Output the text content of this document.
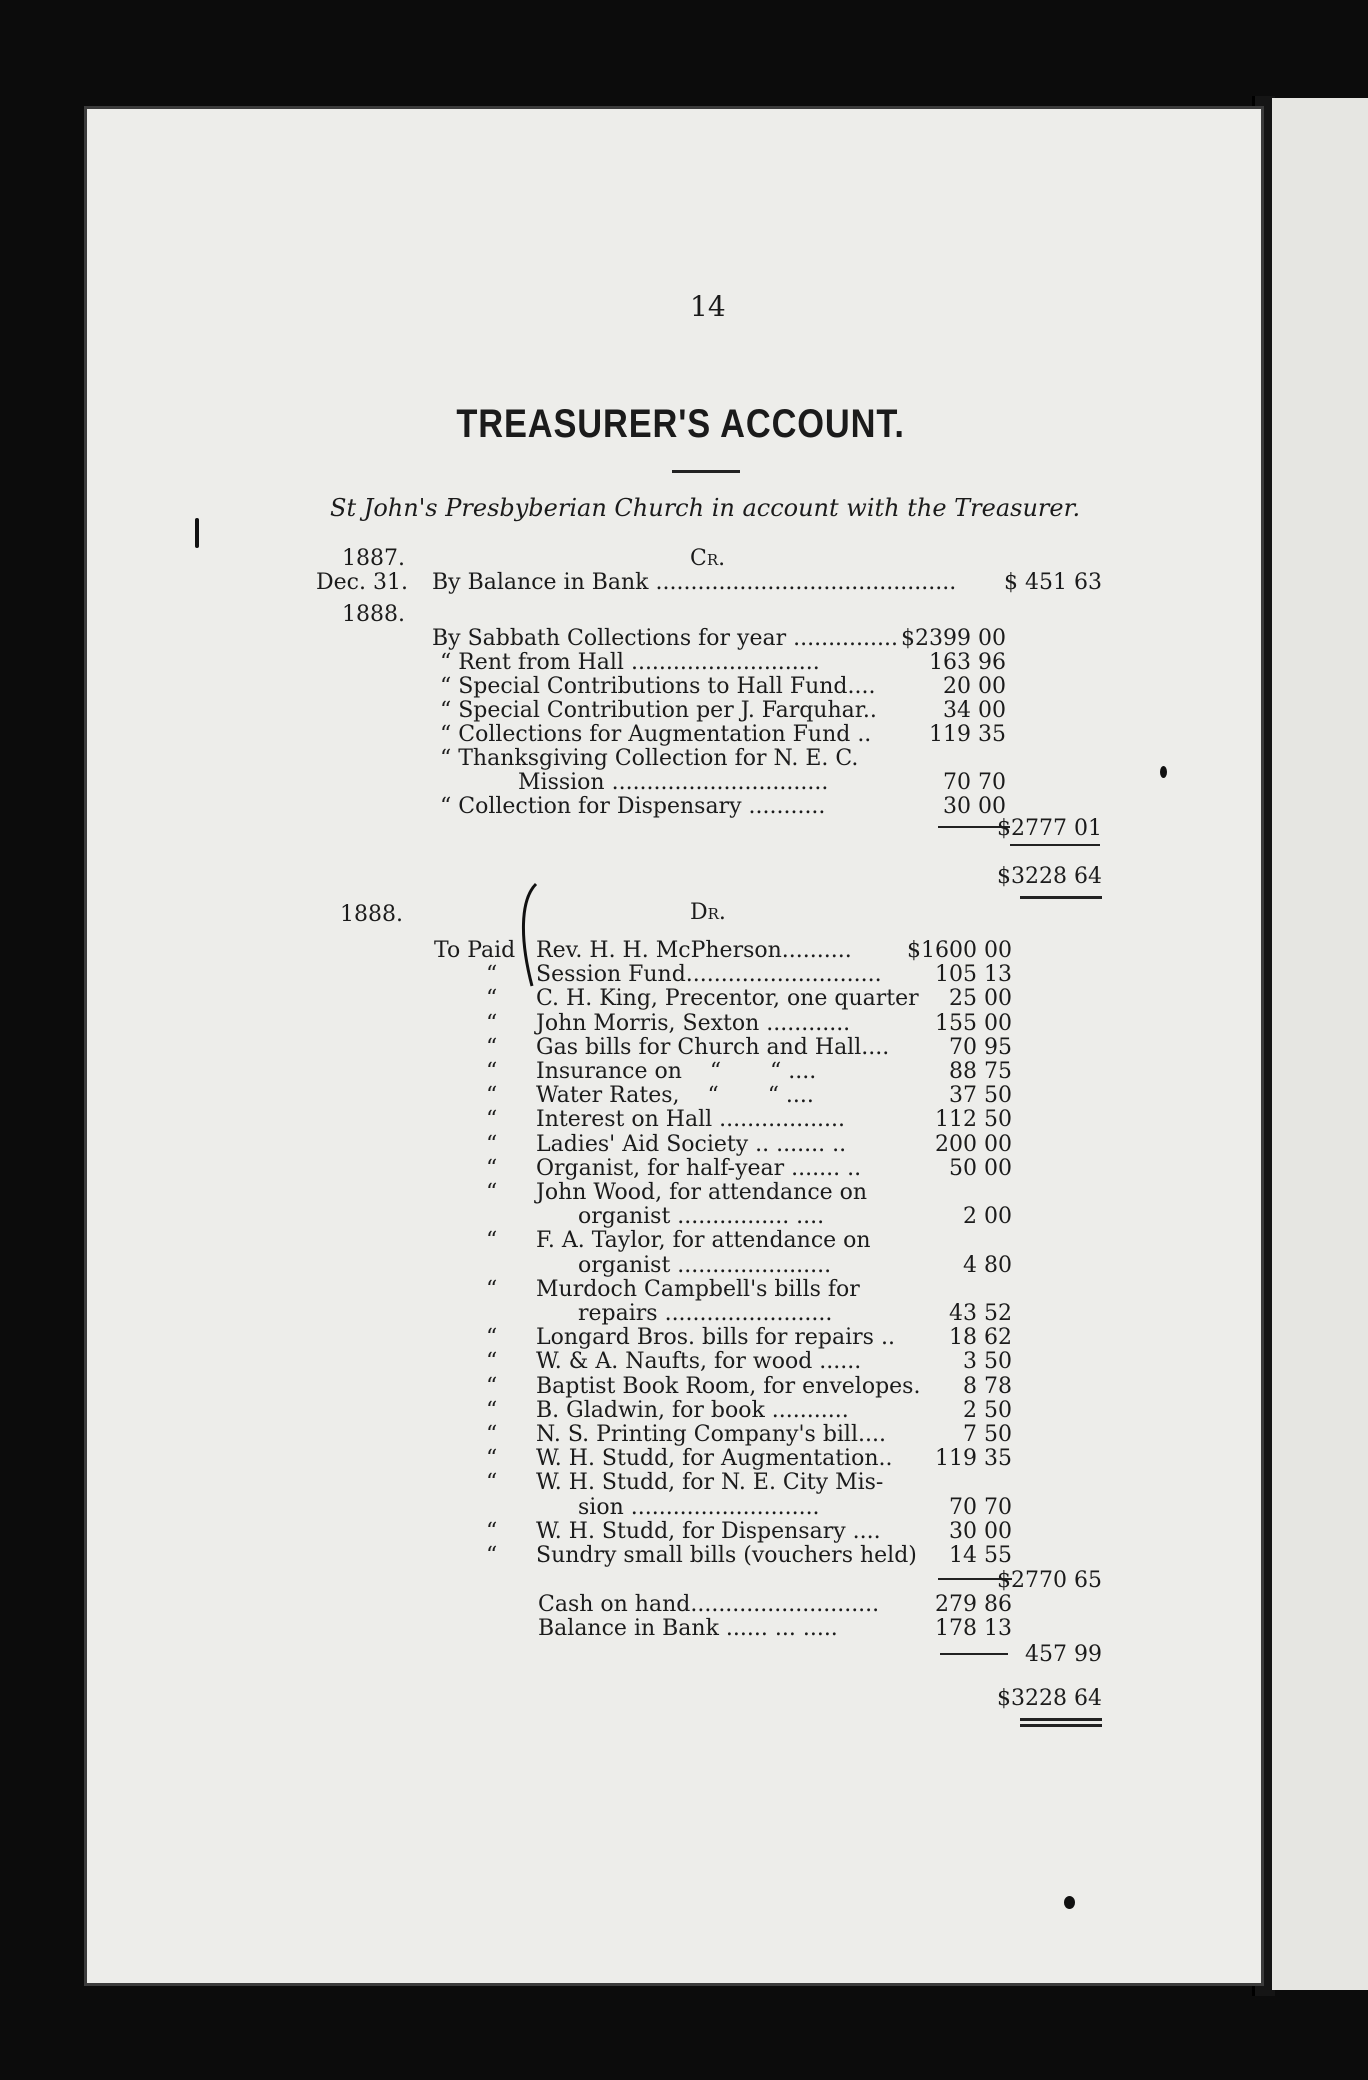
14
TREASURER'S ACCOUNT.
St John's Presbyberian Church in account with the Treasurer.
1887.	Cr.
Dec. 31. By Balance in Bank ...........................................	$ 451 63
1888.
By Sabbath Collections for year ............... $2399 00
“ Rent from Hall ...........................	163 96
“ Special Contributions to Hall Fund....	20 00
“ Special Contribution per J. Farquhar..	34 00
“ Collections for Augmentation Fund ..	119 35
“ Thanksgiving Collection for N. E. C.
Mission ...............................	70 70
“ Collection for Dispensary ...........	30 00
$2777 01
$3228 64
1888.	Dr.
To Paid Rev. H. H. McPherson..........	$1600 00
“ Session Fund............................	105 13
“ C. H. King, Precentor, one quarter	25 00
“ John Morris, Sexton ............	155 00
“ Gas bills for Church and Hall....	70 95
“ Insurance on    “       “ ....	88 75
“ Water Rates,    “       “ ....	37 50
“ Interest on Hall ..................	112 50
“ Ladies' Aid Society .. ....... ..	200 00
“ Organist, for half-year ....... ..	50 00
“ John Wood, for attendance on
organist ................ ....	2 00
“ F. A. Taylor, for attendance on
organist ......................	4 80
“ Murdoch Campbell's bills for
repairs ........................	43 52
“ Longard Bros. bills for repairs ..	18 62
“ W. & A. Naufts, for wood ......	3 50
“ Baptist Book Room, for envelopes.	8 78
“ B. Gladwin, for book ...........	2 50
“ N. S. Printing Company's bill....	7 50
“ W. H. Studd, for Augmentation..	119 35
“ W. H. Studd, for N. E. City Mis-
sion ...........................	70 70
“ W. H. Studd, for Dispensary ....	30 00
“ Sundry small bills (vouchers held)	14 55
$2770 65
Cash on hand...........................	279 86
Balance in Bank ...... ... .....	178 13
457 99
$3228 64
